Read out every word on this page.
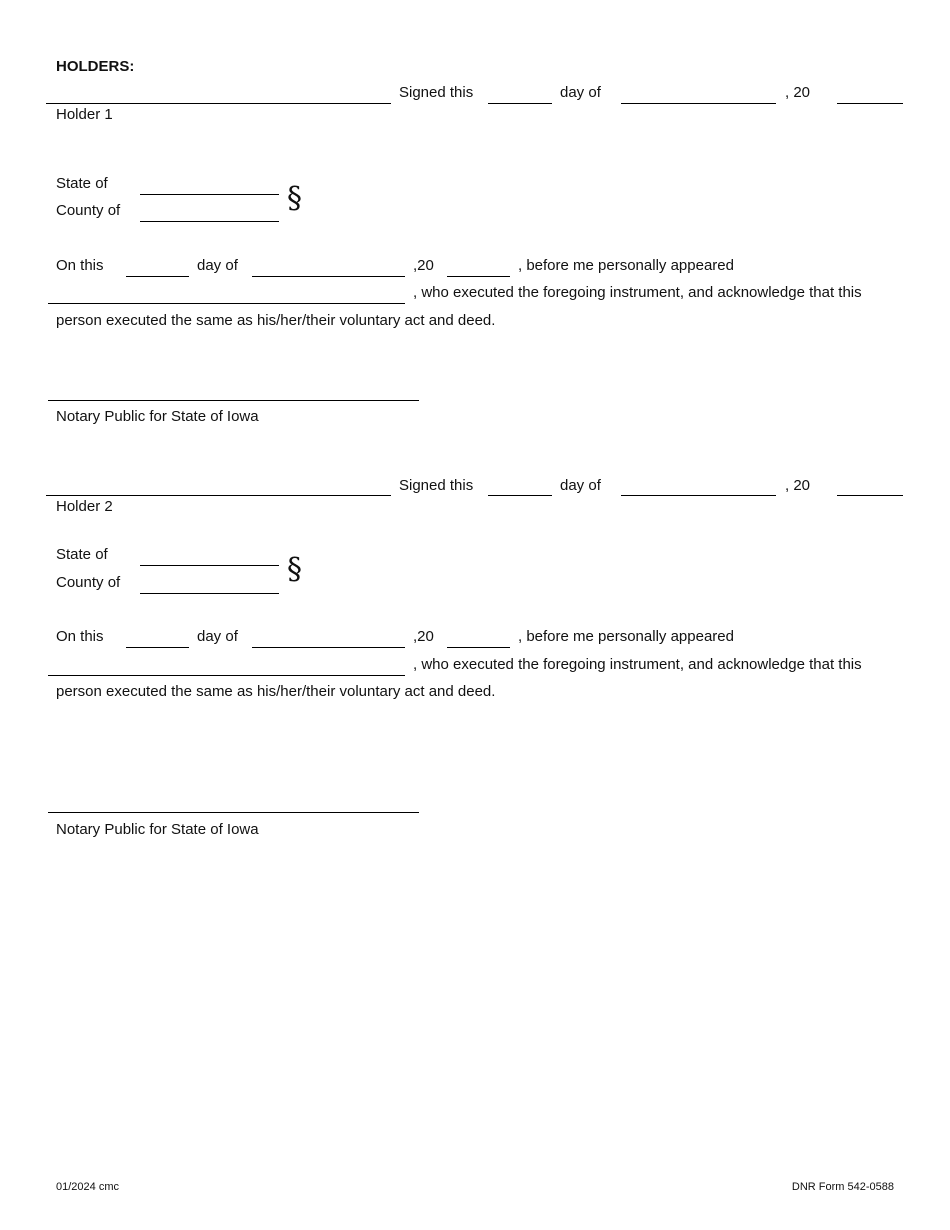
HOLDERS:
Signed this	day of	, 20
Holder 1
State of
County of	§
On this	day of	,20	, before me personally appeared
, who executed the foregoing instrument, and acknowledge that this
person executed the same as his/her/their voluntary act and deed.
Notary Public for State of Iowa
Signed this	day of	, 20
Holder 2
State of
County of	§
On this	day of	,20	, before me personally appeared
, who executed the foregoing instrument, and acknowledge that this
person executed the same as his/her/their voluntary act and deed.
Notary Public for State of Iowa
01/2024 cmc	DNR Form 542-0588
